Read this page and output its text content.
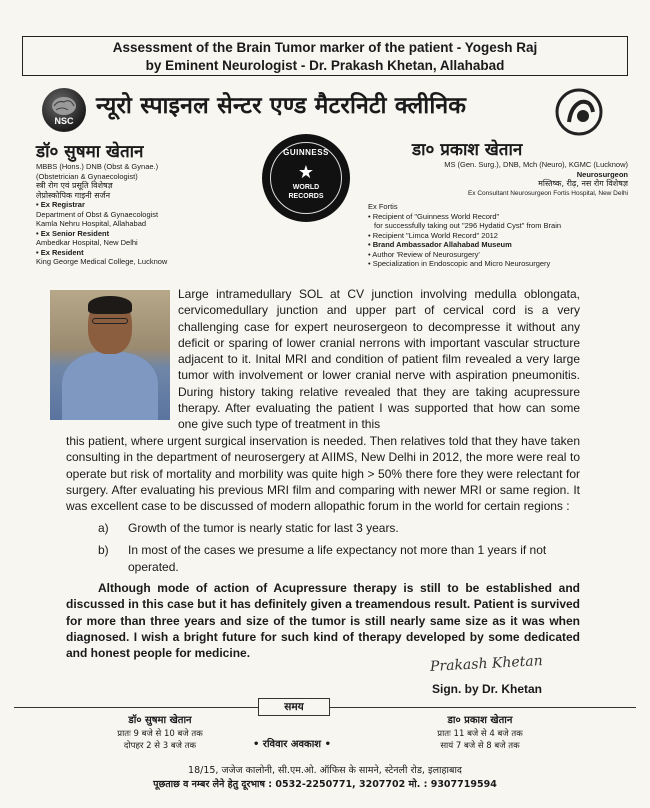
Assessment of the Brain Tumor marker of the patient - Yogesh Raj
by Eminent Neurologist - Dr. Prakash Khetan, Allahabad
NSC
न्यूरो स्पाइनल सेन्टर एण्ड मैटरनिटी क्लीनिक
डॉ० सुषमा खेतान
MBBS (Hons.) DNB (Obst & Gynae.)
(Obstetrician & Gynaecologist)
स्त्री रोग एवं प्रसूति विशेषज्ञ
लेप्रोस्कोपिक गाइनी सर्जन
• Ex Registrar
Department of Obst & Gynaecologist
Kamla Nehru Hospital, Allahabad
• Ex Senior Resident
Ambedkar Hospital, New Delhi
• Ex Resident
King George Medical College, Lucknow
GUINNESS
★
WORLD
RECORDS
डा० प्रकाश खेतान
MS (Gen. Surg.), DNB, Mch (Neuro), KGMC (Lucknow)
Neurosurgeon
मस्तिष्क, रीढ़, नस रोग विशेषज्ञ
Ex Consultant Neurosurgeon Fortis Hospital, New Delhi
Ex Fortis
• Recipient of "Guinness World Record"
for successfully taking out "296 Hydatid Cyst" from Brain
• Recipient "Limca World Record" 2012
• Brand Ambassador Allahabad Museum
• Author 'Review of Neurosurgery'
• Specialization in Endoscopic and Micro Neurosurgery
Large intramedullary SOL at CV junction involving medulla oblongata, cervicomedullary junction and upper part of cervical cord is a very challenging case for expert neurosergeon to decompresse it without any deficit or sparing of lower cranial nerrons with important vascular structure adjacent to it. Inital MRI and condition of patient film revealed a very large tumor with involvement or lower cranial nerve with aspiration pneumonitis. During history taking relative revealed that they are taking acupressure therapy. After evaluating the patient I was supported that how can some one give such type of treatment in this
this patient, where urgent surgical inservation is needed. Then relatives told that they have taken consulting in the department of neurosergery at AIIMS, New Delhi in 2012, the more were real to operate but risk of mortality and morbility was quite high > 50% there fore they were relectant for surgery. After evaluating his previous MRI film and comparing with newer MRI or same region. It was excellent case to be discussed of modern allopathic forum in the world for certain regions :
a) Growth of the tumor is nearly static for last 3 years.
b) In most of the cases we presume a life expectancy not more than 1 years if not operated.
Although mode of action of Acupressure therapy is still to be established and discussed in this case but it has definitely given a treamendous result. Patient is survived for more than three years and size of the tumor is still nearly same size as it was when diagnosed. I wish a bright future for such kind of therapy developed by some dedicated and honest people for medicine.	Prakash Khetan
Sign. by Dr. Khetan
समय
डॉ० सुषमा खेतान
प्रातः 9 बजे से 10 बजे तक
दोपहर 2 से 3 बजे तक	• रविवार अवकाश •
डा० प्रकाश खेतान
प्रातः 11 बजे से 4 बजे तक
सायं 7 बजे से 8 बजे तक
18/15, जजेज कालोनी, सी.एम.ओ. ऑफिस के सामने, स्टेनली रोड, इलाहाबाद
पूछताछ व नम्बर लेने हेतु दूरभाष : 0532-2250771, 3207702 मो. : 9307719594
